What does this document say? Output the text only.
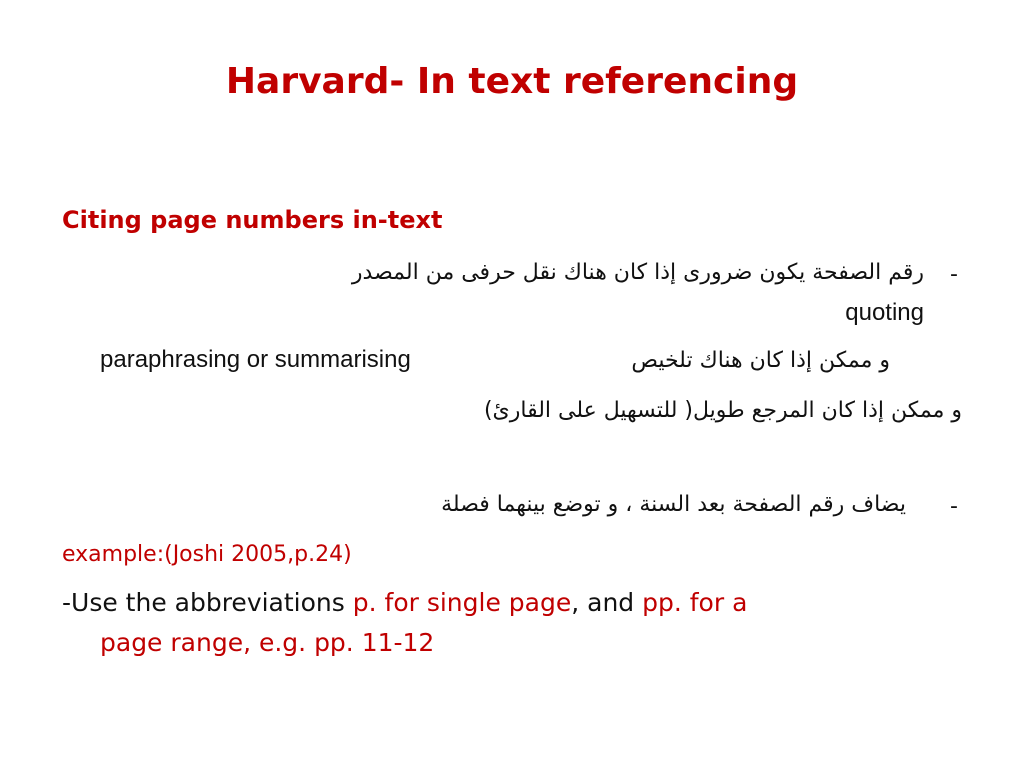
Harvard- In text referencing
Citing page numbers in-text
-
رقم الصفحة يكون ضرورى إذا كان هناك نقل حرفى من المصدر
quoting
و ممكن إذا كان هناك تلخيص
paraphrasing or summarising
و ممكن إذا كان المرجع طويل( للتسهيل على القارئ)
-
يضاف رقم الصفحة بعد السنة ، و توضع بينهما فصلة
example:(Joshi 2005,p.24)
-Use the abbreviations p. for single page, and pp. for a
page range, e.g. pp. 11-12
